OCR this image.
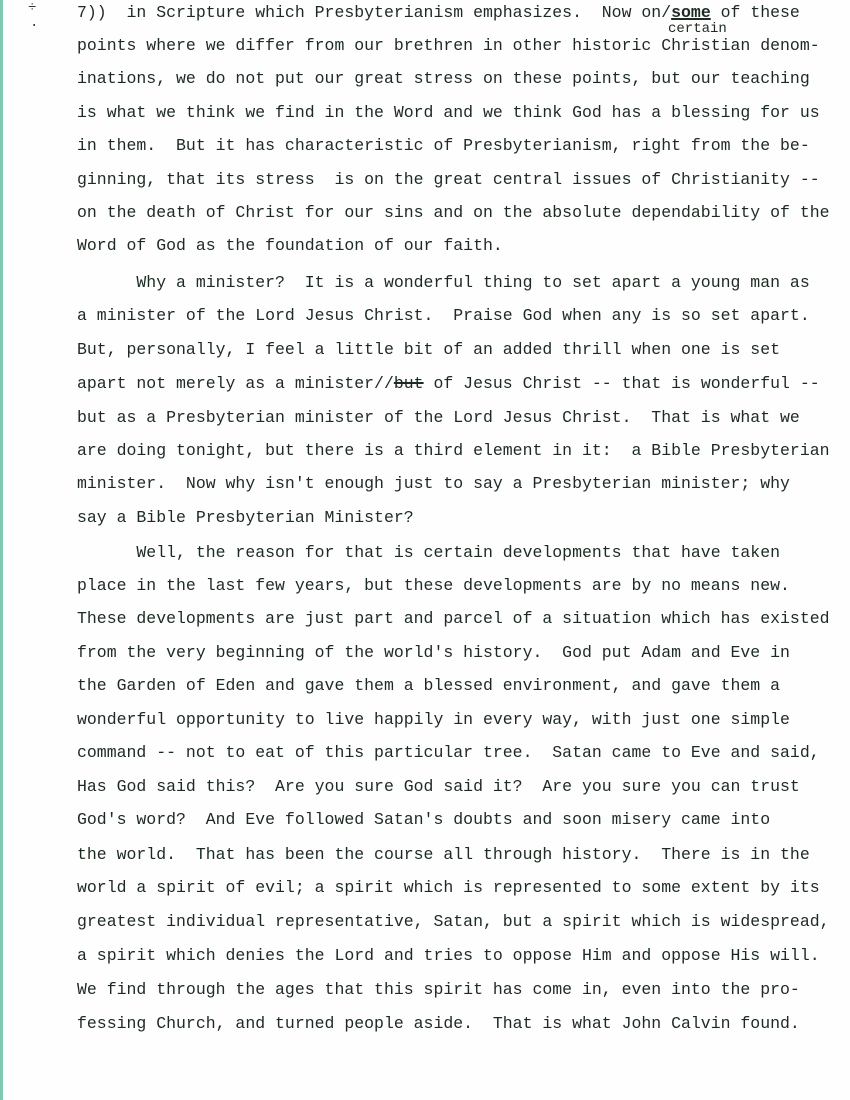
÷
·	certain
7))  in Scripture which Presbyterianism emphasizes.  Now on/some of these
points where we differ from our brethren in other historic Christian denom-
inations, we do not put our great stress on these points, but our teaching
is what we think we find in the Word and we think God has a blessing for us
in them.  But it has characteristic of Presbyterianism, right from the be-
ginning, that its stress  is on the great central issues of Christianity --
on the death of Christ for our sins and on the absolute dependability of the
Word of God as the foundation of our faith.
Why a minister?  It is a wonderful thing to set apart a young man as
a minister of the Lord Jesus Christ.  Praise God when any is so set apart.
But, personally, I feel a little bit of an added thrill when one is set
apart not merely as a minister//but of Jesus Christ -- that is wonderful --
but as a Presbyterian minister of the Lord Jesus Christ.  That is what we
are doing tonight, but there is a third element in it:  a Bible Presbyterian
minister.  Now why isn't enough just to say a Presbyterian minister; why
say a Bible Presbyterian Minister?
Well, the reason for that is certain developments that have taken
place in the last few years, but these developments are by no means new.
These developments are just part and parcel of a situation which has existed
from the very beginning of the world's history.  God put Adam and Eve in
the Garden of Eden and gave them a blessed environment, and gave them a
wonderful opportunity to live happily in every way, with just one simple
command -- not to eat of this particular tree.  Satan came to Eve and said,
Has God said this?  Are you sure God said it?  Are you sure you can trust
God's word?  And Eve followed Satan's doubts and soon misery came into
the world.  That has been the course all through history.  There is in the
world a spirit of evil; a spirit which is represented to some extent by its
greatest individual representative, Satan, but a spirit which is widespread,
a spirit which denies the Lord and tries to oppose Him and oppose His will.
We find through the ages that this spirit has come in, even into the pro-
fessing Church, and turned people aside.  That is what John Calvin found.
